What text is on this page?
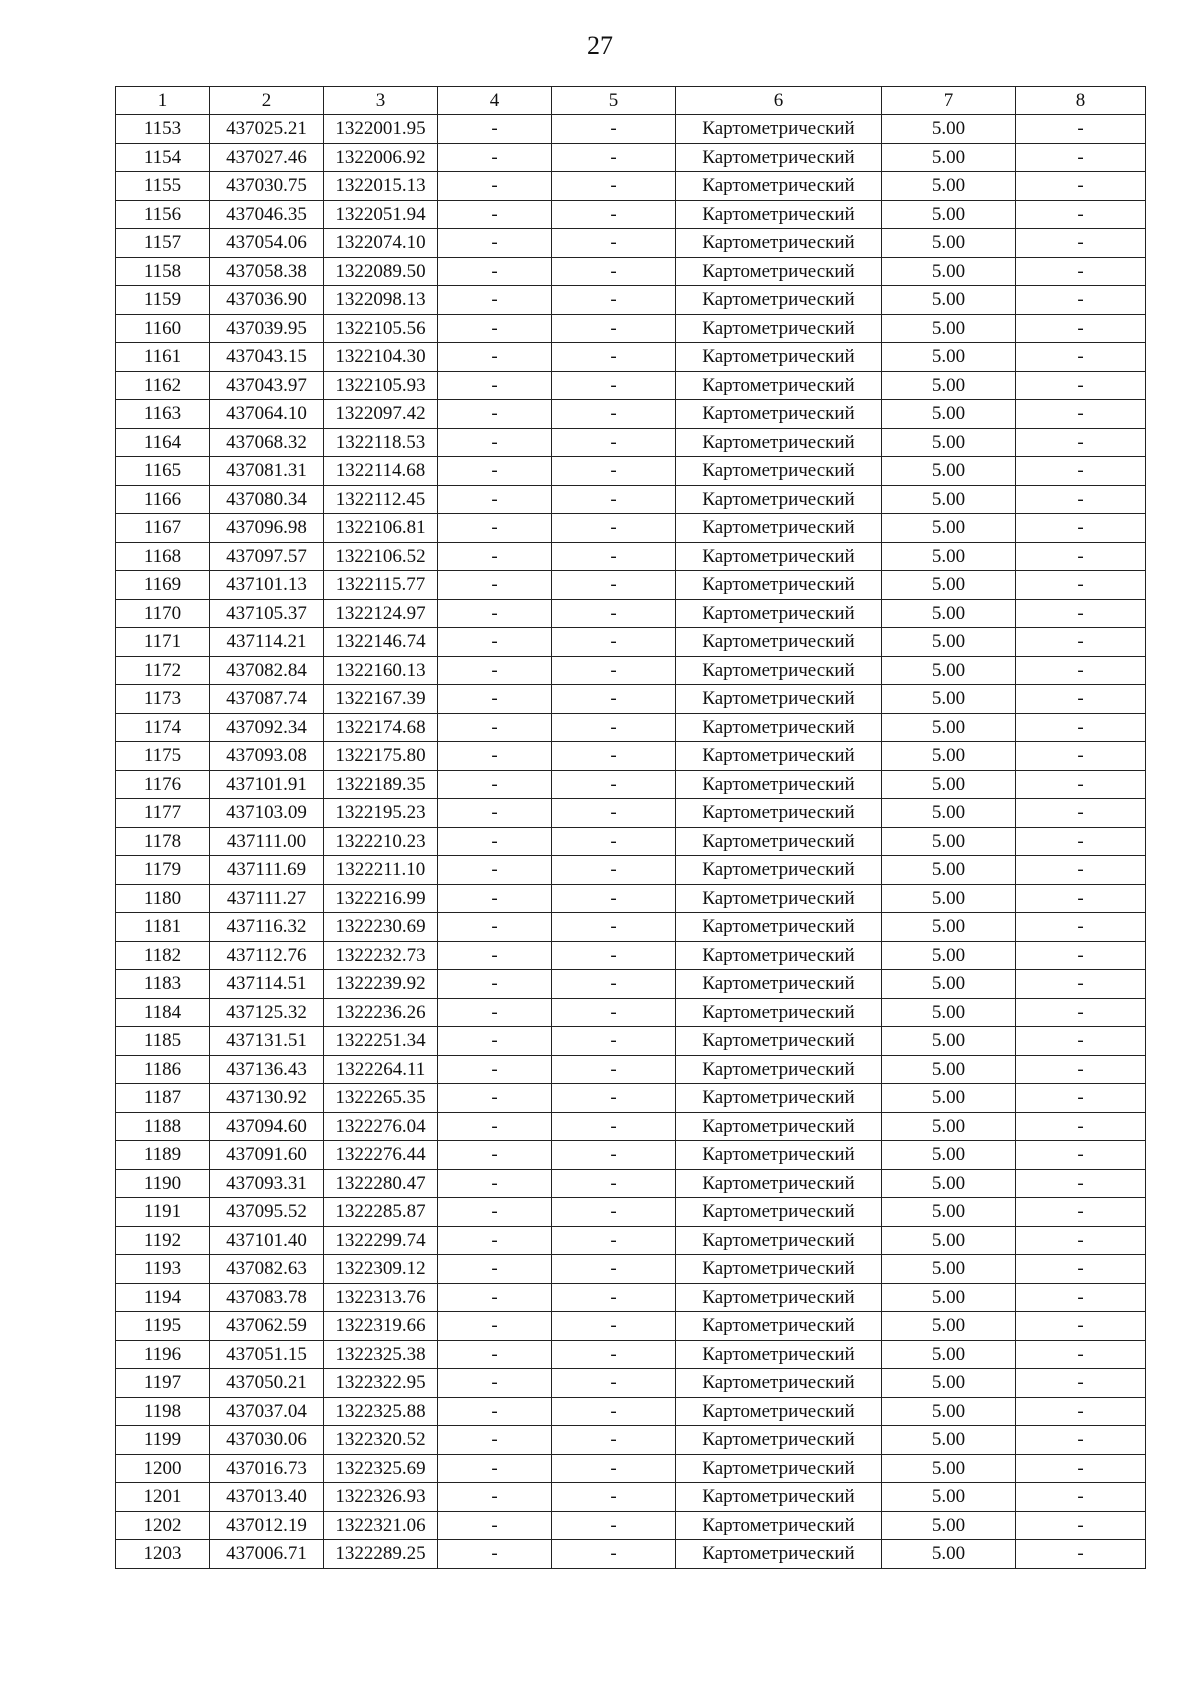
27
1	2	3	4	5	6	7	8
1153	437025.21	1322001.95	-	-	Картометрический	5.00	-
1154	437027.46	1322006.92	-	-	Картометрический	5.00	-
1155	437030.75	1322015.13	-	-	Картометрический	5.00	-
1156	437046.35	1322051.94	-	-	Картометрический	5.00	-
1157	437054.06	1322074.10	-	-	Картометрический	5.00	-
1158	437058.38	1322089.50	-	-	Картометрический	5.00	-
1159	437036.90	1322098.13	-	-	Картометрический	5.00	-
1160	437039.95	1322105.56	-	-	Картометрический	5.00	-
1161	437043.15	1322104.30	-	-	Картометрический	5.00	-
1162	437043.97	1322105.93	-	-	Картометрический	5.00	-
1163	437064.10	1322097.42	-	-	Картометрический	5.00	-
1164	437068.32	1322118.53	-	-	Картометрический	5.00	-
1165	437081.31	1322114.68	-	-	Картометрический	5.00	-
1166	437080.34	1322112.45	-	-	Картометрический	5.00	-
1167	437096.98	1322106.81	-	-	Картометрический	5.00	-
1168	437097.57	1322106.52	-	-	Картометрический	5.00	-
1169	437101.13	1322115.77	-	-	Картометрический	5.00	-
1170	437105.37	1322124.97	-	-	Картометрический	5.00	-
1171	437114.21	1322146.74	-	-	Картометрический	5.00	-
1172	437082.84	1322160.13	-	-	Картометрический	5.00	-
1173	437087.74	1322167.39	-	-	Картометрический	5.00	-
1174	437092.34	1322174.68	-	-	Картометрический	5.00	-
1175	437093.08	1322175.80	-	-	Картометрический	5.00	-
1176	437101.91	1322189.35	-	-	Картометрический	5.00	-
1177	437103.09	1322195.23	-	-	Картометрический	5.00	-
1178	437111.00	1322210.23	-	-	Картометрический	5.00	-
1179	437111.69	1322211.10	-	-	Картометрический	5.00	-
1180	437111.27	1322216.99	-	-	Картометрический	5.00	-
1181	437116.32	1322230.69	-	-	Картометрический	5.00	-
1182	437112.76	1322232.73	-	-	Картометрический	5.00	-
1183	437114.51	1322239.92	-	-	Картометрический	5.00	-
1184	437125.32	1322236.26	-	-	Картометрический	5.00	-
1185	437131.51	1322251.34	-	-	Картометрический	5.00	-
1186	437136.43	1322264.11	-	-	Картометрический	5.00	-
1187	437130.92	1322265.35	-	-	Картометрический	5.00	-
1188	437094.60	1322276.04	-	-	Картометрический	5.00	-
1189	437091.60	1322276.44	-	-	Картометрический	5.00	-
1190	437093.31	1322280.47	-	-	Картометрический	5.00	-
1191	437095.52	1322285.87	-	-	Картометрический	5.00	-
1192	437101.40	1322299.74	-	-	Картометрический	5.00	-
1193	437082.63	1322309.12	-	-	Картометрический	5.00	-
1194	437083.78	1322313.76	-	-	Картометрический	5.00	-
1195	437062.59	1322319.66	-	-	Картометрический	5.00	-
1196	437051.15	1322325.38	-	-	Картометрический	5.00	-
1197	437050.21	1322322.95	-	-	Картометрический	5.00	-
1198	437037.04	1322325.88	-	-	Картометрический	5.00	-
1199	437030.06	1322320.52	-	-	Картометрический	5.00	-
1200	437016.73	1322325.69	-	-	Картометрический	5.00	-
1201	437013.40	1322326.93	-	-	Картометрический	5.00	-
1202	437012.19	1322321.06	-	-	Картометрический	5.00	-
1203	437006.71	1322289.25	-	-	Картометрический	5.00	-
